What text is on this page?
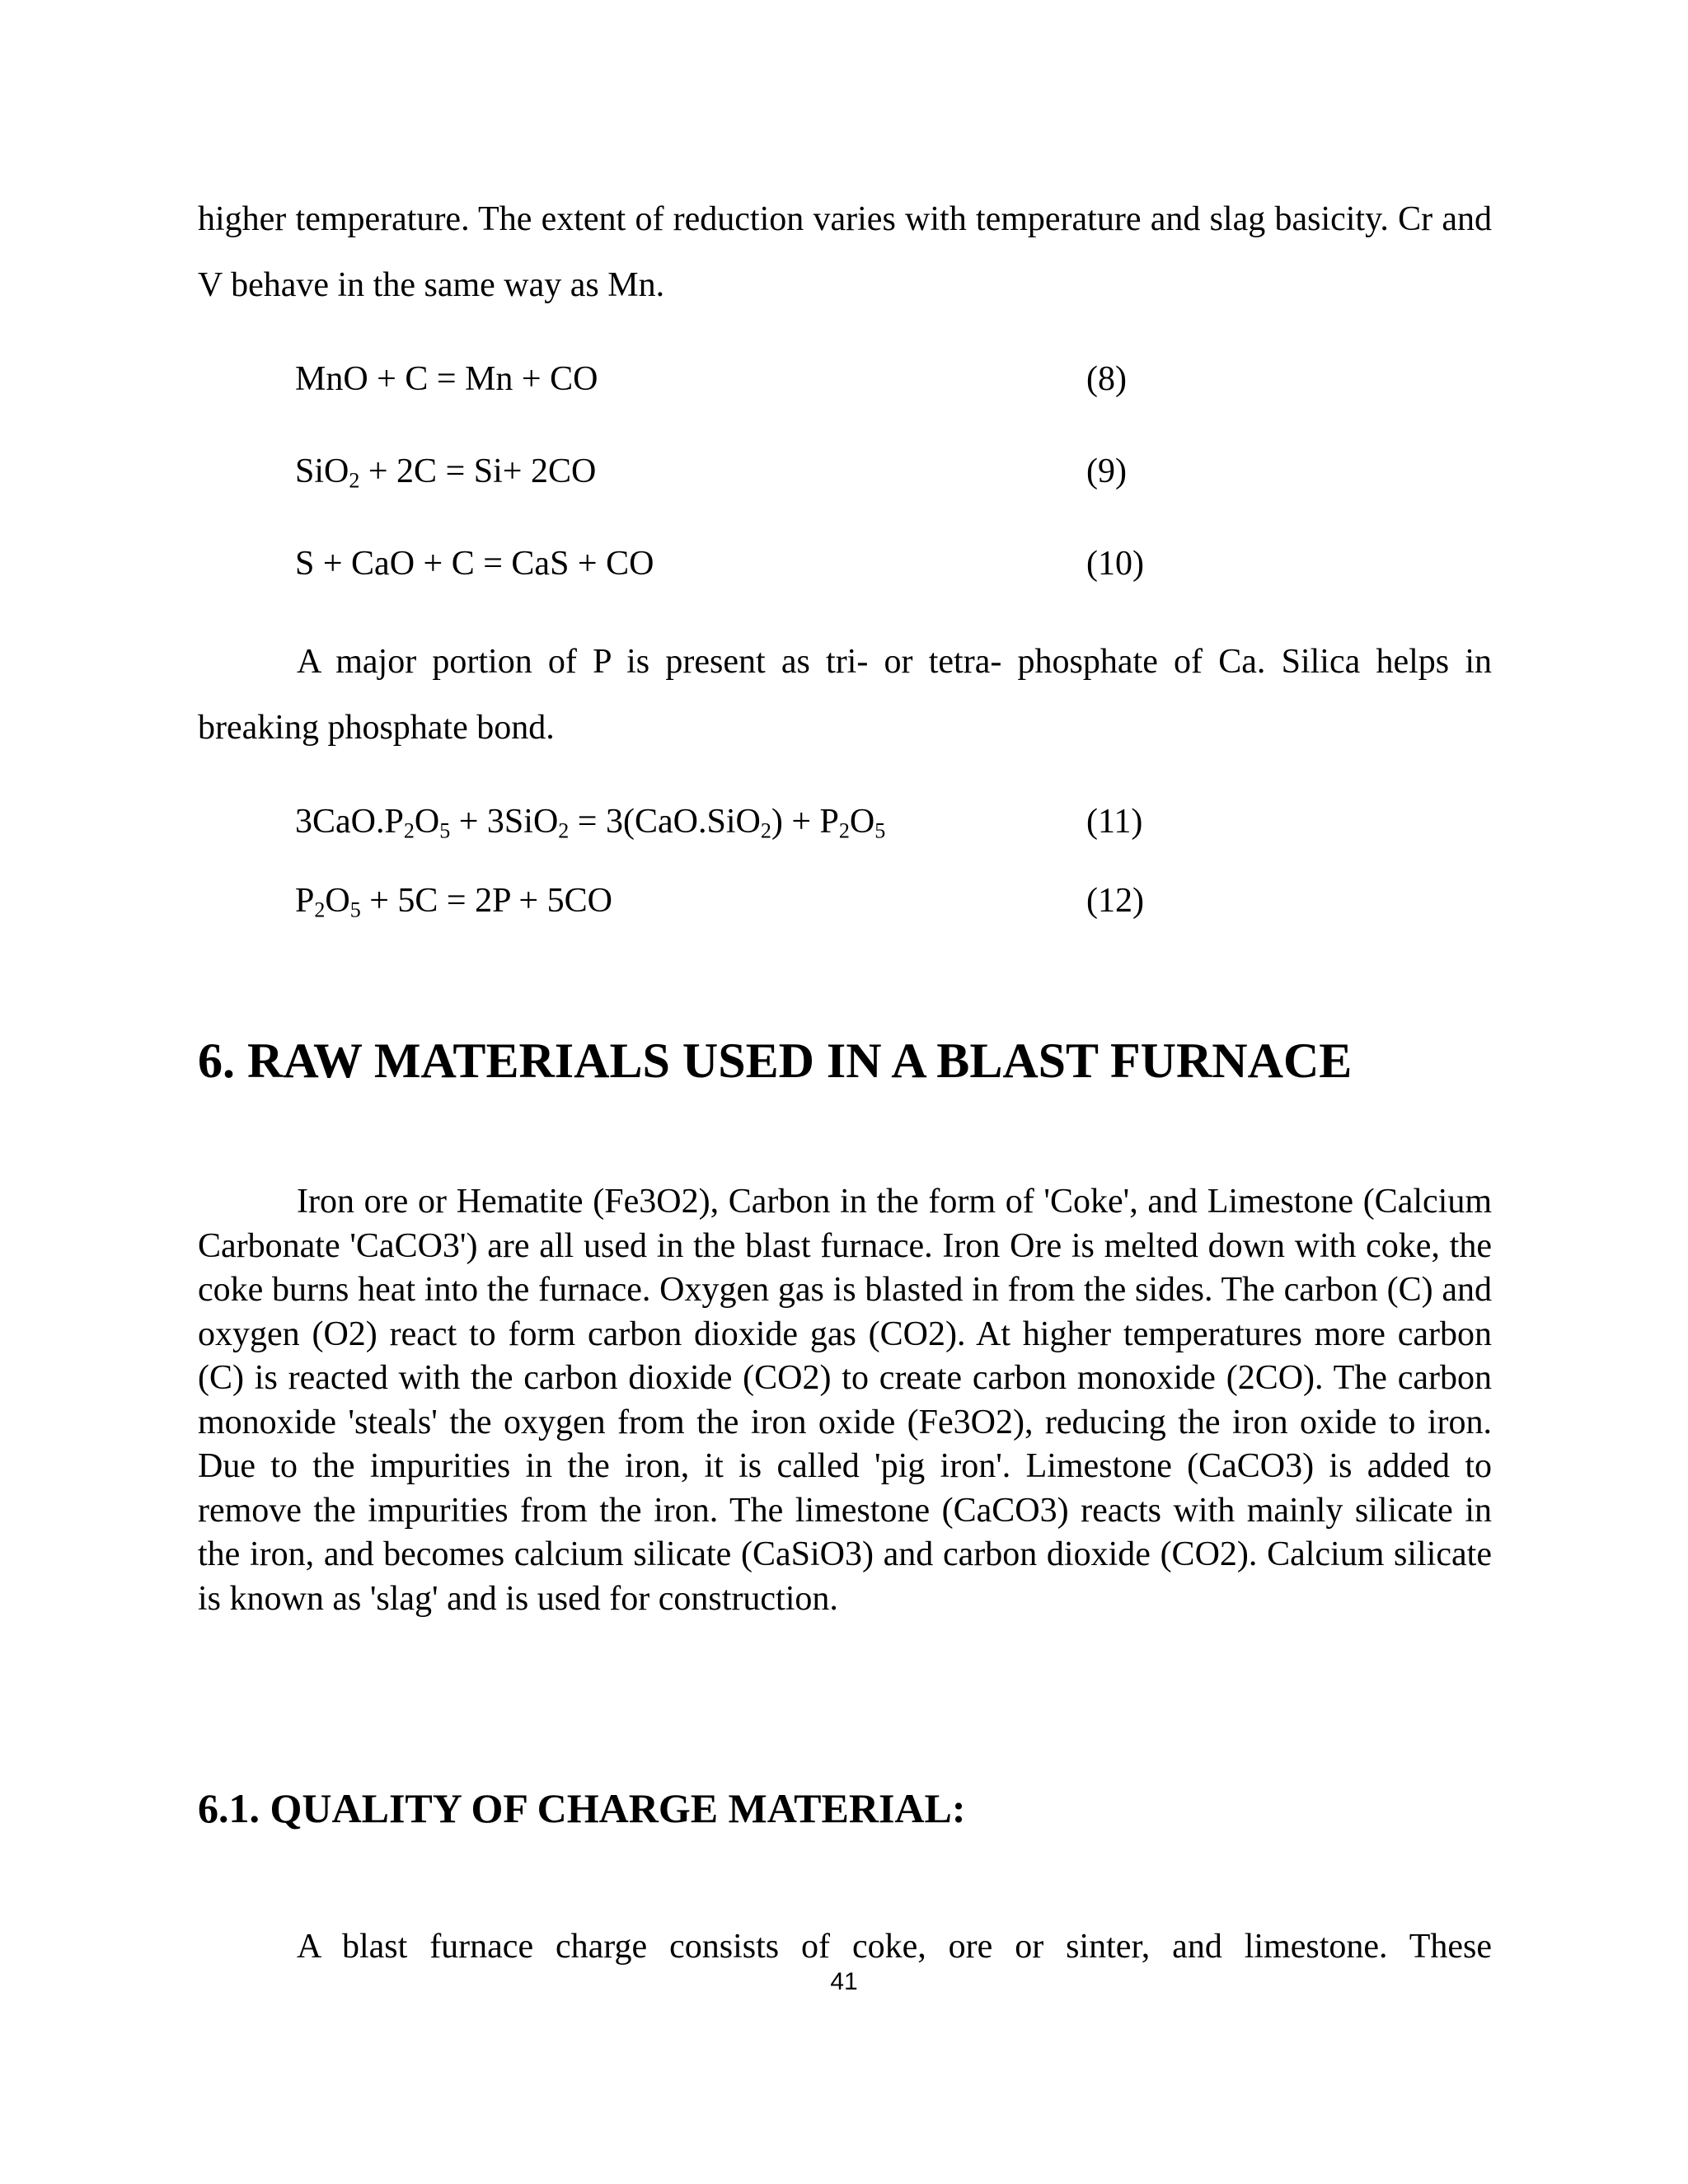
higher temperature. The extent of reduction varies with temperature and slag basicity. Cr and V behave in the same way as Mn.

MnO + C = Mn + CO	(8)
SiO$_2$ + 2C = Si+ 2CO	(9)
S + CaO + C = CaS + CO	(10)

A major portion of P is present as tri- or tetra- phosphate of Ca. Silica helps in breaking phosphate bond.

$3CaO.P_2O_5 + 3SiO_2 = 3(CaO.SiO_2) + P_2O_5$	(11)
$P_2O_5 + 5C = 2P + 5CO$	(12)
6. RAW MATERIALS USED IN A BLAST FURNACE

Iron ore or Hematite (Fe3O2), Carbon in the form of 'Coke', and Limestone (Calcium Carbonate 'CaCO3') are all used in the blast furnace. Iron Ore is melted down with coke, the coke burns heat into the furnace. Oxygen gas is blasted in from the sides. The carbon (C) and oxygen (O2) react to form carbon dioxide gas (CO2). At higher temperatures more carbon (C) is reacted with the carbon dioxide (CO2) to create carbon monoxide (2CO). The carbon monoxide 'steals' the oxygen from the iron oxide (Fe3O2), reducing the iron oxide to iron. Due to the impurities in the iron, it is called 'pig iron'. Limestone (CaCO3) is added to remove the impurities from the iron. The limestone (CaCO3) reacts with mainly silicate in the iron, and becomes calcium silicate (CaSiO3) and carbon dioxide (CO2). Calcium silicate is known as 'slag' and is used for construction.

6.1. QUALITY OF CHARGE MATERIAL:

A blast furnace charge consists of coke, ore or sinter, and limestone. These

41
